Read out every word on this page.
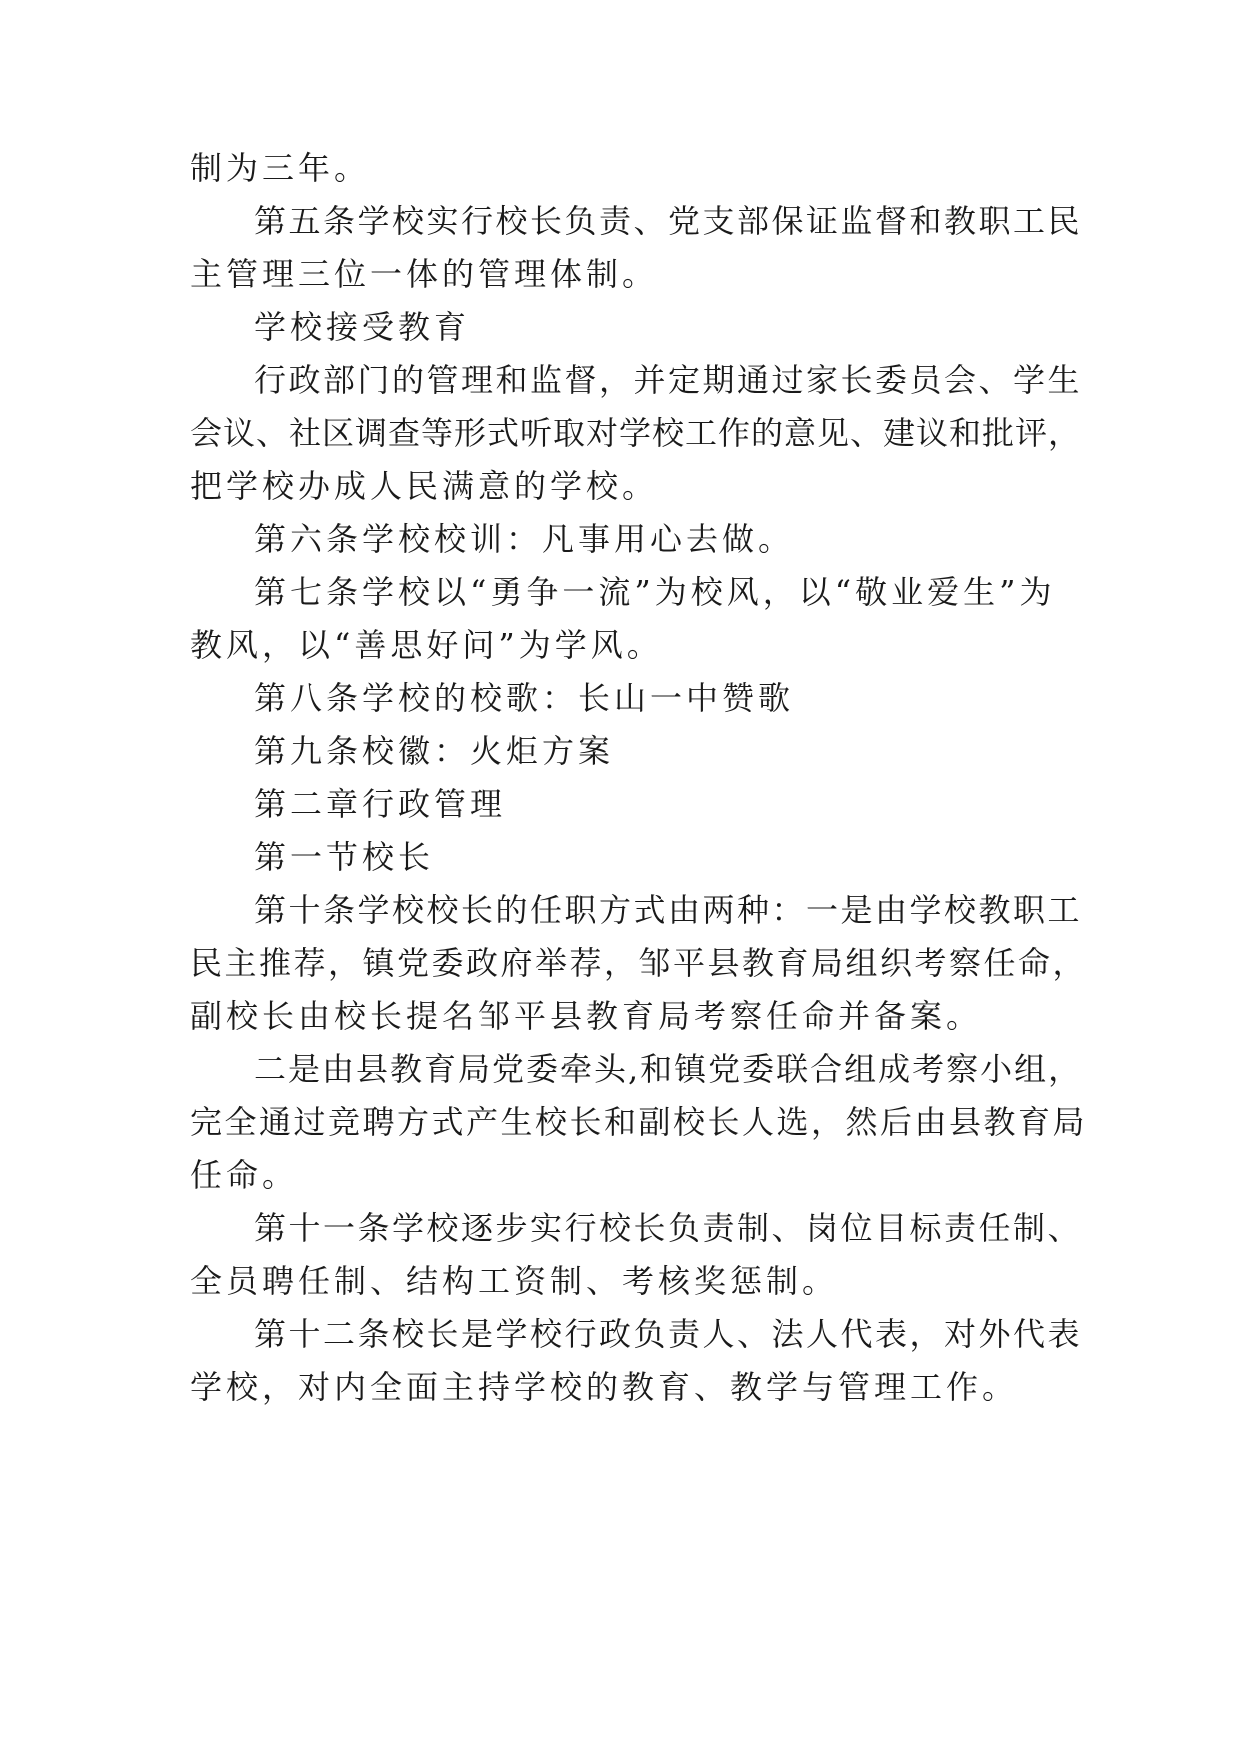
制为三年。
第五条学校实行校长负责、党支部保证监督和教职工民
主管理三位一体的管理体制。
学校接受教育
行政部门的管理和监督，并定期通过家长委员会、学生
会议、社区调查等形式听取对学校工作的意见、建议和批评，
把学校办成人民满意的学校。
第六条学校校训：凡事用心去做。
第七条学校以“勇争一流”为校风，以“敬业爱生”为
教风，以“善思好问”为学风。
第八条学校的校歌：长山一中赞歌
第九条校徽：火炬方案
第二章行政管理
第一节校长
第十条学校校长的任职方式由两种：一是由学校教职工
民主推荐，镇党委政府举荐，邹平县教育局组织考察任命，
副校长由校长提名邹平县教育局考察任命并备案。
二是由县教育局党委牵头,和镇党委联合组成考察小组，
完全通过竞聘方式产生校长和副校长人选，然后由县教育局
任命。
第十一条学校逐步实行校长负责制、岗位目标责任制、
全员聘任制、结构工资制、考核奖惩制。
第十二条校长是学校行政负责人、法人代表，对外代表
学校，对内全面主持学校的教育、教学与管理工作。
